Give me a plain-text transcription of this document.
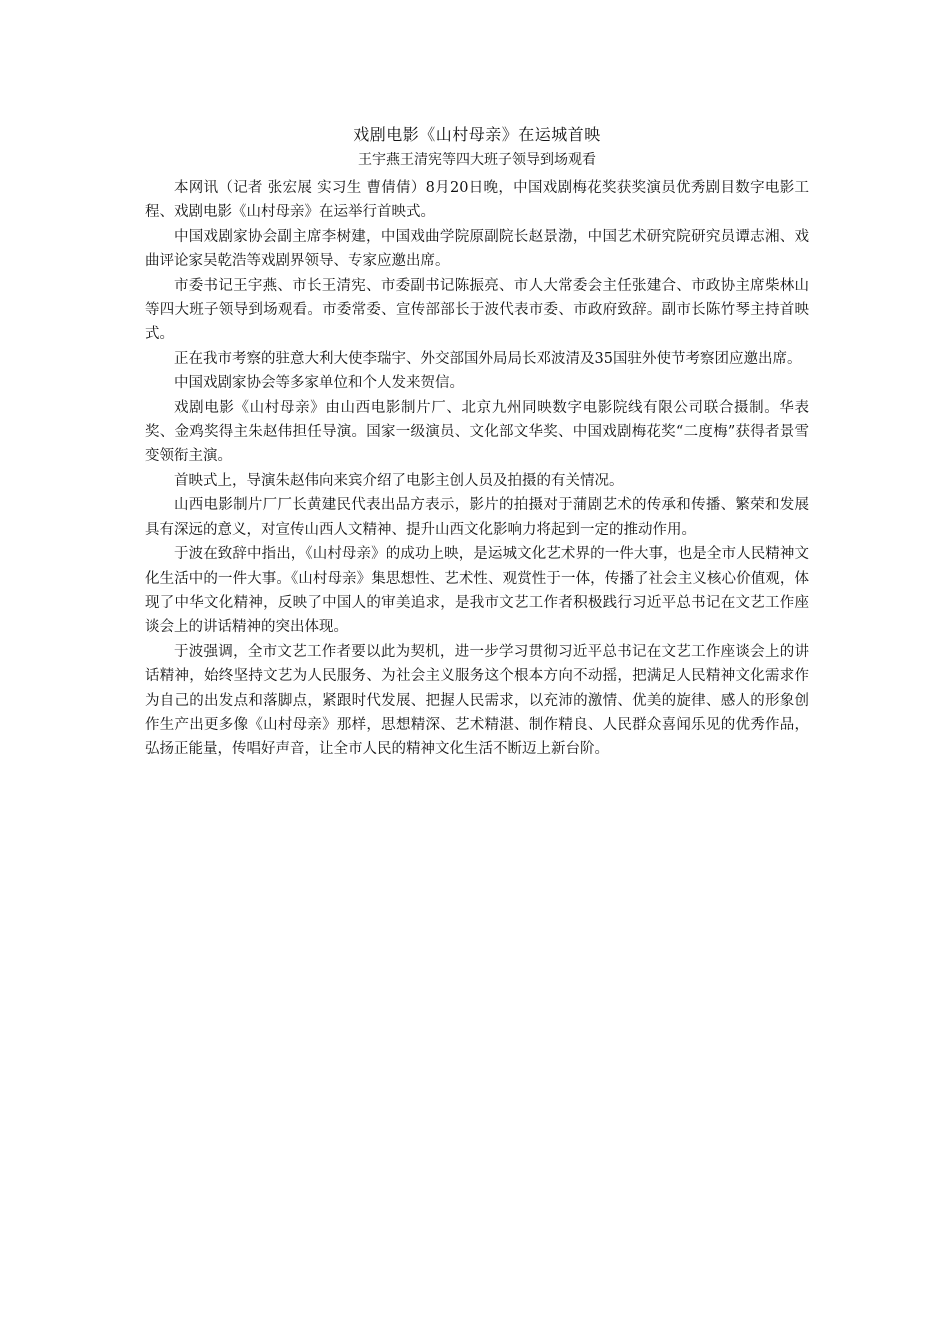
戏剧电影《山村母亲》在运城首映
王宇燕王清宪等四大班子领导到场观看

本网讯（记者 张宏展 实习生 曹倩倩）8月20日晚，中国戏剧梅花奖获奖演员优秀剧目数字电影工程、戏剧电影《山村母亲》在运举行首映式。

中国戏剧家协会副主席李树建，中国戏曲学院原副院长赵景渤，中国艺术研究院研究员谭志湘、戏曲评论家吴乾浩等戏剧界领导、专家应邀出席。

市委书记王宇燕、市长王清宪、市委副书记陈振亮、市人大常委会主任张建合、市政协主席柴林山等四大班子领导到场观看。市委常委、宣传部部长于波代表市委、市政府致辞。副市长陈竹琴主持首映式。

正在我市考察的驻意大利大使李瑞宇、外交部国外局局长邓波清及35国驻外使节考察团应邀出席。

中国戏剧家协会等多家单位和个人发来贺信。

戏剧电影《山村母亲》由山西电影制片厂、北京九州同映数字电影院线有限公司联合摄制。华表奖、金鸡奖得主朱赵伟担任导演。国家一级演员、文化部文华奖、中国戏剧梅花奖“二度梅”获得者景雪变领衔主演。

首映式上，导演朱赵伟向来宾介绍了电影主创人员及拍摄的有关情况。

山西电影制片厂厂长黄建民代表出品方表示，影片的拍摄对于蒲剧艺术的传承和传播、繁荣和发展具有深远的意义，对宣传山西人文精神、提升山西文化影响力将起到一定的推动作用。

于波在致辞中指出，《山村母亲》的成功上映，是运城文化艺术界的一件大事，也是全市人民精神文化生活中的一件大事。《山村母亲》集思想性、艺术性、观赏性于一体，传播了社会主义核心价值观，体现了中华文化精神，反映了中国人的审美追求，是我市文艺工作者积极践行习近平总书记在文艺工作座谈会上的讲话精神的突出体现。

于波强调，全市文艺工作者要以此为契机，进一步学习贯彻习近平总书记在文艺工作座谈会上的讲话精神，始终坚持文艺为人民服务、为社会主义服务这个根本方向不动摇，把满足人民精神文化需求作为自己的出发点和落脚点，紧跟时代发展、把握人民需求，以充沛的激情、优美的旋律、感人的形象创作生产出更多像《山村母亲》那样，思想精深、艺术精湛、制作精良、人民群众喜闻乐见的优秀作品，弘扬正能量，传唱好声音，让全市人民的精神文化生活不断迈上新台阶。
